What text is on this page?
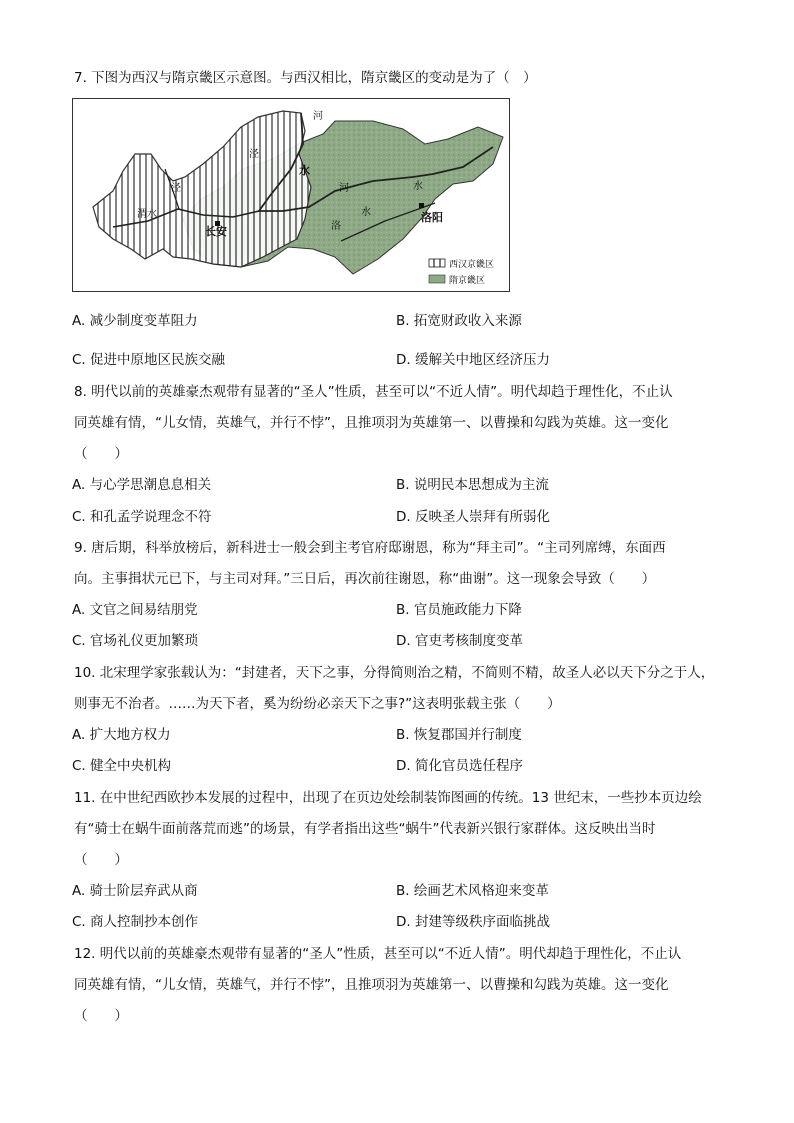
7. 下图为西汉与隋京畿区示意图。与西汉相比，隋京畿区的变动是为了（　）
河
泾
水
泾
渭水
长安
河	水
洛
水	洛阳
西汉京畿区
隋京畿区
A. 减少制度变革阻力	B. 拓宽财政收入来源
C. 促进中原地区民族交融	D. 缓解关中地区经济压力
8. 明代以前的英雄豪杰观带有显著的“圣人”性质，甚至可以“不近人情”。明代却趋于理性化，不止认
同英雄有情，“儿女情，英雄气，并行不悖”，且推项羽为英雄第一、以曹操和勾践为英雄。这一变化
（　　）
A. 与心学思潮息息相关	B. 说明民本思想成为主流
C. 和孔孟学说理念不符	D. 反映圣人崇拜有所弱化
9. 唐后期，科举放榜后，新科进士一般会到主考官府邸谢恩，称为“拜主司”。“主司列席缚，东面西
向。主事揖状元已下，与主司对拜。”三日后，再次前往谢恩，称“曲谢”。这一现象会导致（　　）
A. 文官之间易结朋党	B. 官员施政能力下降
C. 官场礼仪更加繁琐	D. 官吏考核制度变革
10. 北宋理学家张载认为：“封建者，天下之事，分得简则治之精，不简则不精，故圣人必以天下分之于人，
则事无不治者。……为天下者，奚为纷纷必亲天下之事?”这表明张载主张（　　）
A. 扩大地方权力	B. 恢复郡国并行制度
C. 健全中央机构	D. 简化官员选任程序
11. 在中世纪西欧抄本发展的过程中，出现了在页边处绘制装饰图画的传统。13 世纪末，一些抄本页边绘
有“骑士在蜗牛面前落荒而逃”的场景，有学者指出这些“蜗牛”代表新兴银行家群体。这反映出当时
（　　）
A. 骑士阶层弃武从商	B. 绘画艺术风格迎来变革
C. 商人控制抄本创作	D. 封建等级秩序面临挑战
12. 明代以前的英雄豪杰观带有显著的“圣人”性质，甚至可以“不近人情”。明代却趋于理性化，不止认
同英雄有情，“儿女情，英雄气，并行不悖”，且推项羽为英雄第一、以曹操和勾践为英雄。这一变化
（　　）
